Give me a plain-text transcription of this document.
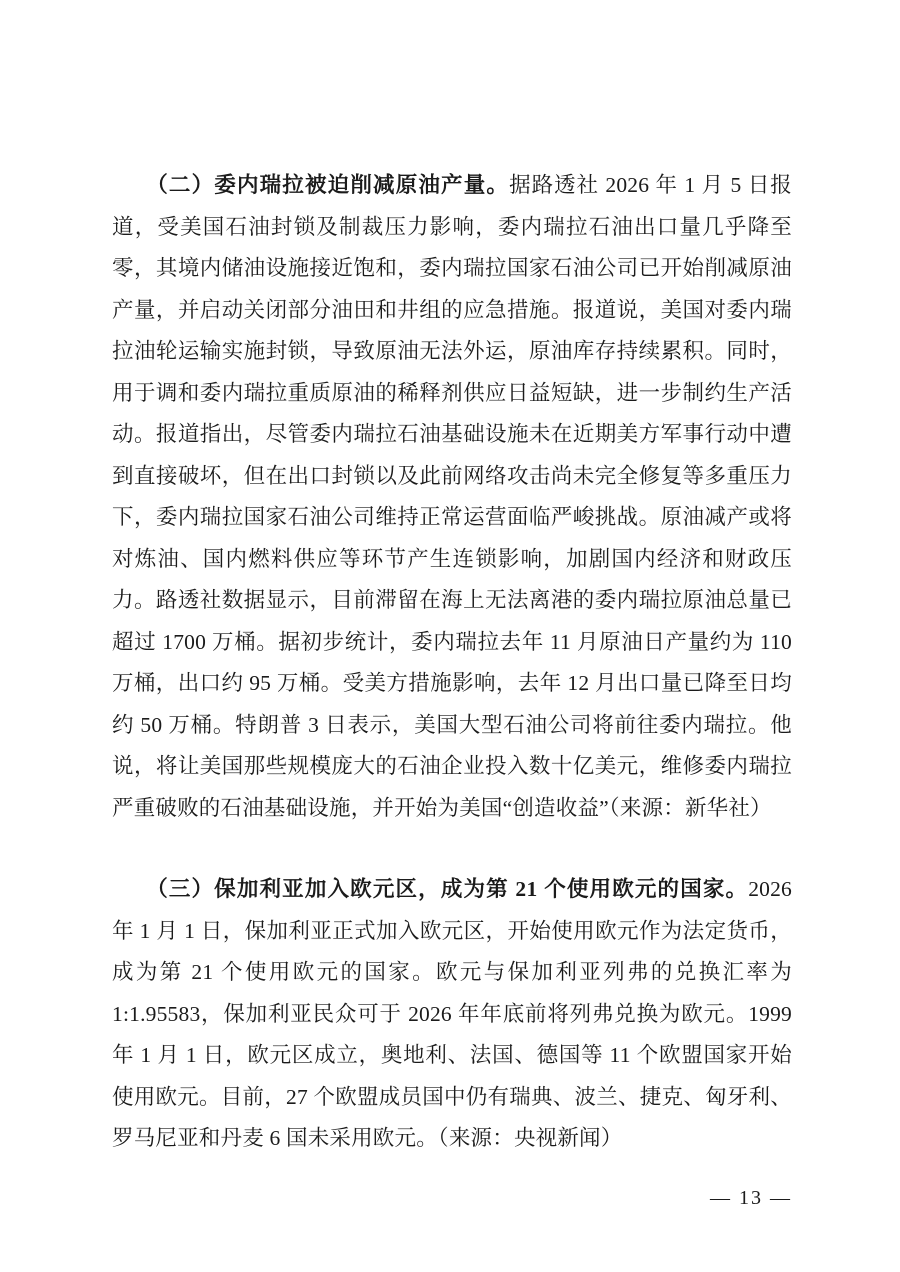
　　（二）委内瑞拉被迫削减原油产量。据路透社 2026 年 1 月 5 日报道，受美国石油封锁及制裁压力影响，委内瑞拉石油出口量几乎降至零，其境内储油设施接近饱和，委内瑞拉国家石油公司已开始削减原油产量，并启动关闭部分油田和井组的应急措施。报道说，美国对委内瑞拉油轮运输实施封锁，导致原油无法外运，原油库存持续累积。同时，用于调和委内瑞拉重质原油的稀释剂供应日益短缺，进一步制约生产活动。报道指出，尽管委内瑞拉石油基础设施未在近期美方军事行动中遭到直接破坏，但在出口封锁以及此前网络攻击尚未完全修复等多重压力下，委内瑞拉国家石油公司维持正常运营面临严峻挑战。原油减产或将对炼油、国内燃料供应等环节产生连锁影响，加剧国内经济和财政压力。路透社数据显示，目前滞留在海上无法离港的委内瑞拉原油总量已超过 1700 万桶。据初步统计，委内瑞拉去年 11 月原油日产量约为 110 万桶，出口约 95 万桶。受美方措施影响，去年 12 月出口量已降至日均约 50 万桶。特朗普 3 日表示，美国大型石油公司将前往委内瑞拉。他说，将让美国那些规模庞大的石油企业投入数十亿美元，维修委内瑞拉严重破败的石油基础设施，并开始为美国“创造收益”（来源：新华社）

　　（三）保加利亚加入欧元区，成为第 21 个使用欧元的国家。2026 年 1 月 1 日，保加利亚正式加入欧元区，开始使用欧元作为法定货币，成为第 21 个使用欧元的国家。欧元与保加利亚列弗的兑换汇率为 1:1.95583，保加利亚民众可于 2026 年年底前将列弗兑换为欧元。1999 年 1 月 1 日，欧元区成立，奥地利、法国、德国等 11 个欧盟国家开始使用欧元。目前，27 个欧盟成员国中仍有瑞典、波兰、捷克、匈牙利、罗马尼亚和丹麦 6 国未采用欧元。（来源：央视新闻）

— 13 —
